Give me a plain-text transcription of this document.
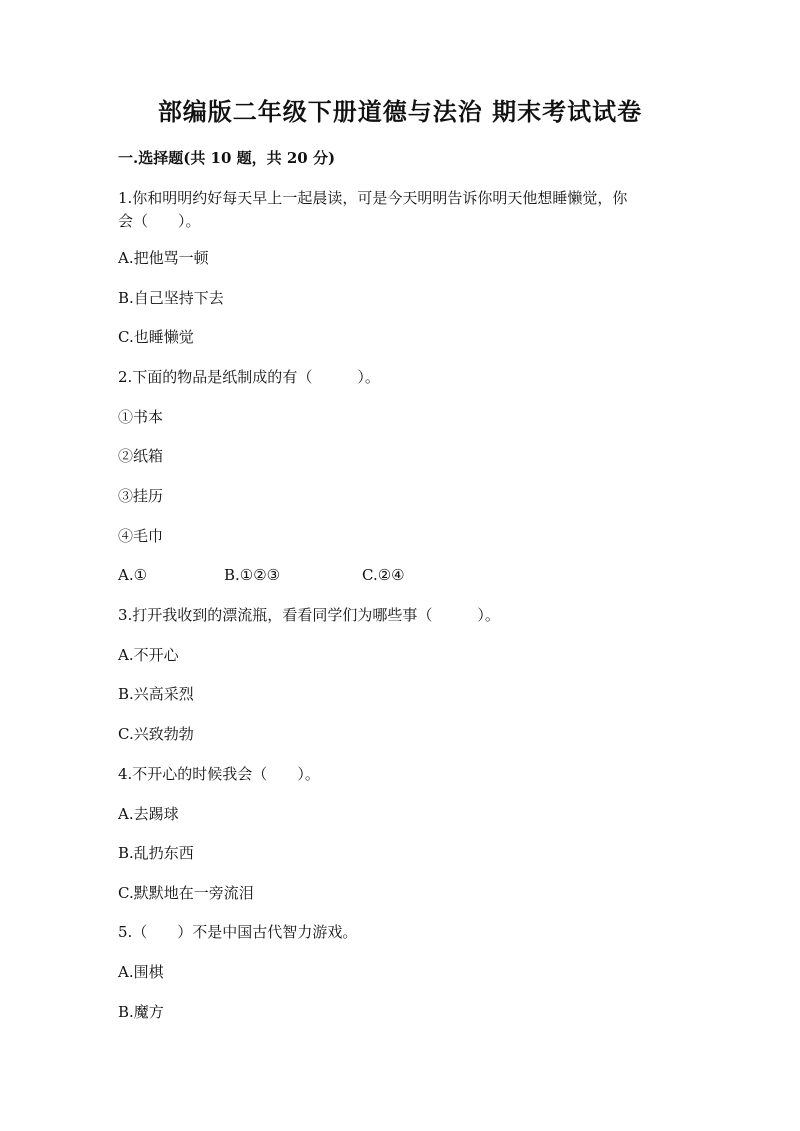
部编版二年级下册道德与法治 期末考试试卷
一.选择题(共 10 题，共 20 分)
1.你和明明约好每天早上一起晨读，可是今天明明告诉你明天他想睡懒觉，你
会（　　）。
A.把他骂一顿
B.自己坚持下去
C.也睡懒觉
2.下面的物品是纸制成的有（　　　）。
①书本
②纸箱
③挂历
④毛巾
A.①	B.①②③	C.②④
3.打开我收到的漂流瓶，看看同学们为哪些事（　　　）。
A.不开心
B.兴高采烈
C.兴致勃勃
4.不开心的时候我会（　　）。
A.去踢球
B.乱扔东西
C.默默地在一旁流泪
5.（　　）不是中国古代智力游戏。
A.围棋
B.魔方
